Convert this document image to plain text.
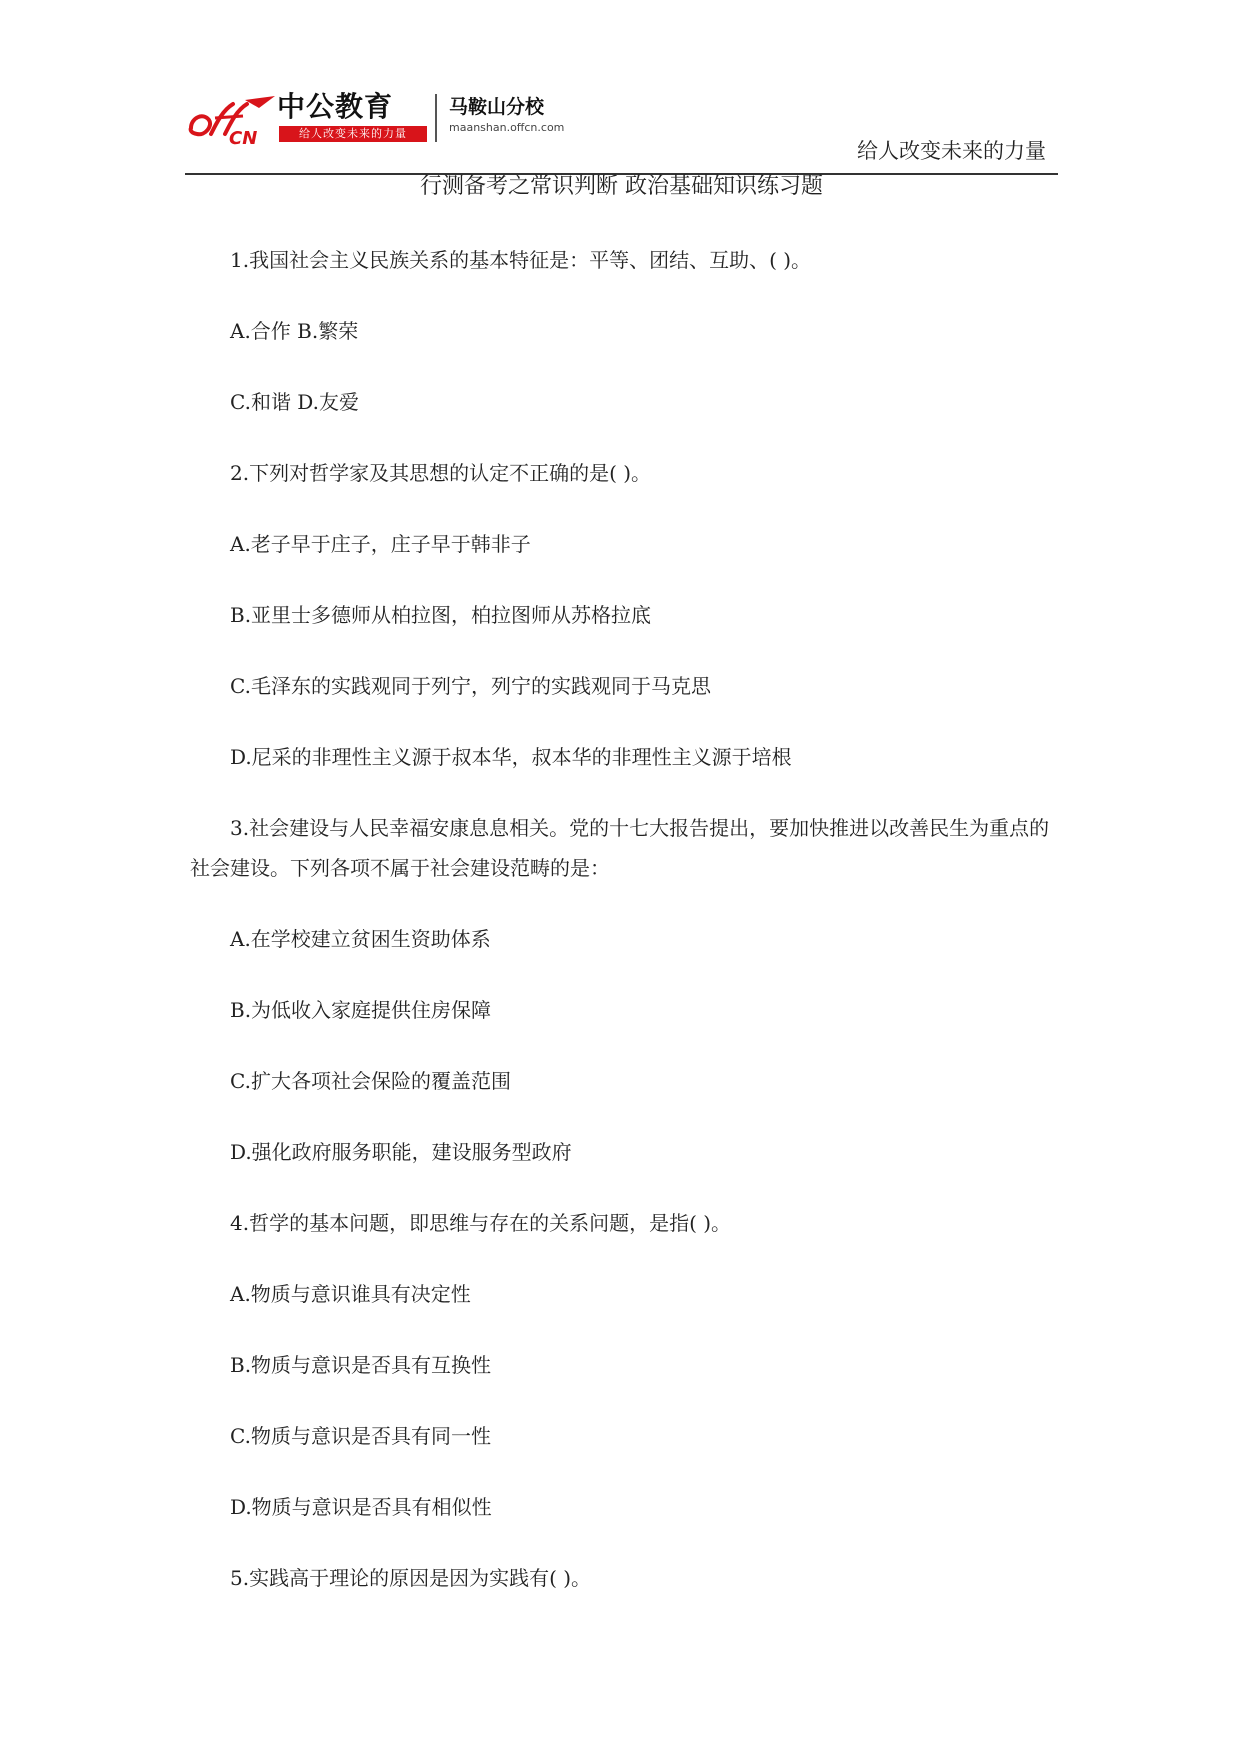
CN
中公教育
给人改变未来的力量
马鞍山分校
maanshan.offcn.com
给人改变未来的力量
行测备考之常识判断 政治基础知识练习题

1.我国社会主义民族关系的基本特征是：平等、团结、互助、( )。

A.合作 B.繁荣

C.和谐 D.友爱

2.下列对哲学家及其思想的认定不正确的是( )。

A.老子早于庄子，庄子早于韩非子

B.亚里士多德师从柏拉图，柏拉图师从苏格拉底

C.毛泽东的实践观同于列宁，列宁的实践观同于马克思

D.尼采的非理性主义源于叔本华，叔本华的非理性主义源于培根

3.社会建设与人民幸福安康息息相关。党的十七大报告提出，要加快推进以改善民生为重点的社会建设。下列各项不属于社会建设范畴的是：

A.在学校建立贫困生资助体系

B.为低收入家庭提供住房保障

C.扩大各项社会保险的覆盖范围

D.强化政府服务职能，建设服务型政府

4.哲学的基本问题，即思维与存在的关系问题，是指( )。

A.物质与意识谁具有决定性

B.物质与意识是否具有互换性

C.物质与意识是否具有同一性

D.物质与意识是否具有相似性

5.实践高于理论的原因是因为实践有( )。
